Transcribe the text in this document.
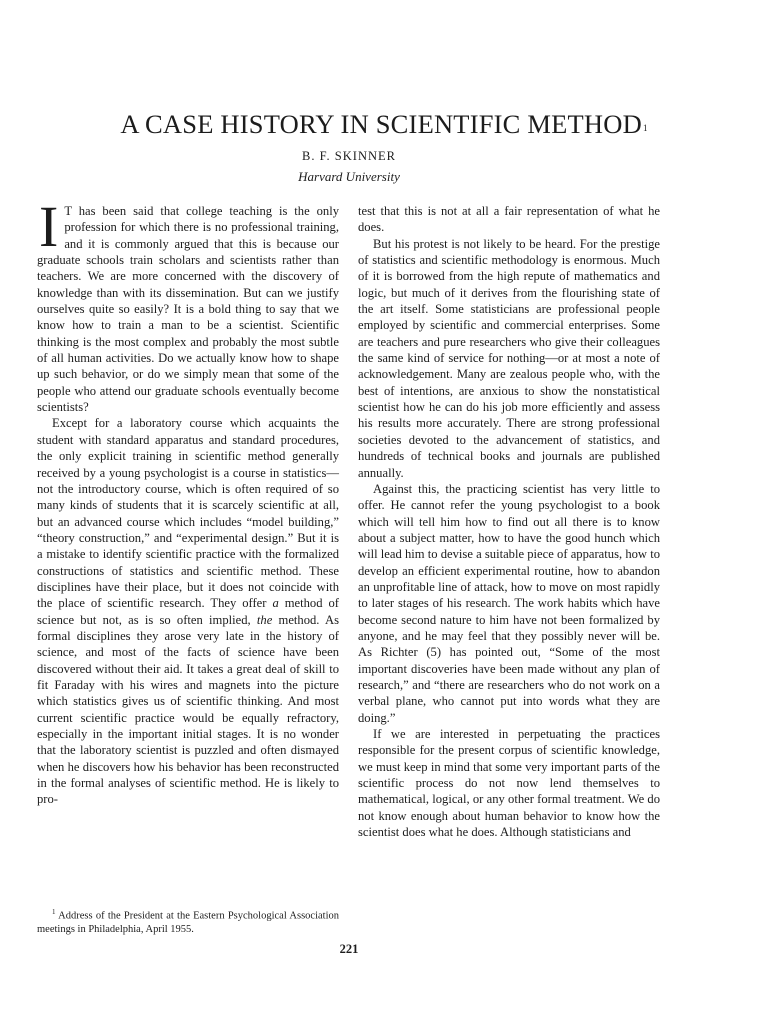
A CASE HISTORY IN SCIENTIFIC METHOD$^1$
B. F. SKINNER
Harvard University

I T has been said that college teaching is the only profession for which there is no professional training, and it is commonly argued that this is because our graduate schools train scholars and scientists rather than teachers. We are more concerned with the discovery of knowledge than with its dissemination. But can we justify ourselves quite so easily? It is a bold thing to say that we know how to train a man to be a scientist. Scientific thinking is the most complex and probably the most subtle of all human activities. Do we actually know how to shape up such behavior, or do we simply mean that some of the people who attend our graduate schools eventually become scientists?

Except for a laboratory course which acquaints the student with standard apparatus and standard procedures, the only explicit training in scientific method generally received by a young psychologist is a course in statistics—not the introductory course, which is often required of so many kinds of students that it is scarcely scientific at all, but an advanced course which includes “model building,” “theory construction,” and “experimental design.” But it is a mistake to identify scientific practice with the formalized constructions of statistics and scientific method. These disciplines have their place, but it does not coincide with the place of scientific research. They offer a method of science but not, as is so often implied, the method. As formal disciplines they arose very late in the history of science, and most of the facts of science have been discovered without their aid. It takes a great deal of skill to fit Faraday with his wires and magnets into the picture which statistics gives us of scientific thinking. And most current scientific practice would be equally refractory, especially in the important initial stages. It is no wonder that the laboratory scientist is puzzled and often dismayed when he discovers how his behavior has been reconstructed in the formal analyses of scientific method. He is likely to pro-

test that this is not at all a fair representation of what he does.

But his protest is not likely to be heard. For the prestige of statistics and scientific methodology is enormous. Much of it is borrowed from the high repute of mathematics and logic, but much of it derives from the flourishing state of the art itself. Some statisticians are professional people employed by scientific and commercial enterprises. Some are teachers and pure researchers who give their colleagues the same kind of service for nothing—or at most a note of acknowledgement. Many are zealous people who, with the best of intentions, are anxious to show the nonstatistical scientist how he can do his job more efficiently and assess his results more accurately. There are strong professional societies devoted to the advancement of statistics, and hundreds of technical books and journals are published annually.

Against this, the practicing scientist has very little to offer. He cannot refer the young psychologist to a book which will tell him how to find out all there is to know about a subject matter, how to have the good hunch which will lead him to devise a suitable piece of apparatus, how to develop an efficient experimental routine, how to abandon an unprofitable line of attack, how to move on most rapidly to later stages of his research. The work habits which have become second nature to him have not been formalized by anyone, and he may feel that they possibly never will be. As Richter (5) has pointed out, “Some of the most important discoveries have been made without any plan of research,” and “there are researchers who do not work on a verbal plane, who cannot put into words what they are doing.”

If we are interested in perpetuating the practices responsible for the present corpus of scientific knowledge, we must keep in mind that some very important parts of the scientific process do not now lend themselves to mathematical, logical, or any other formal treatment. We do not know enough about human behavior to know how the scientist does what he does. Although statisticians and

$^1$ Address of the President at the Eastern Psychological Association meetings in Philadelphia, April 1955.

221
